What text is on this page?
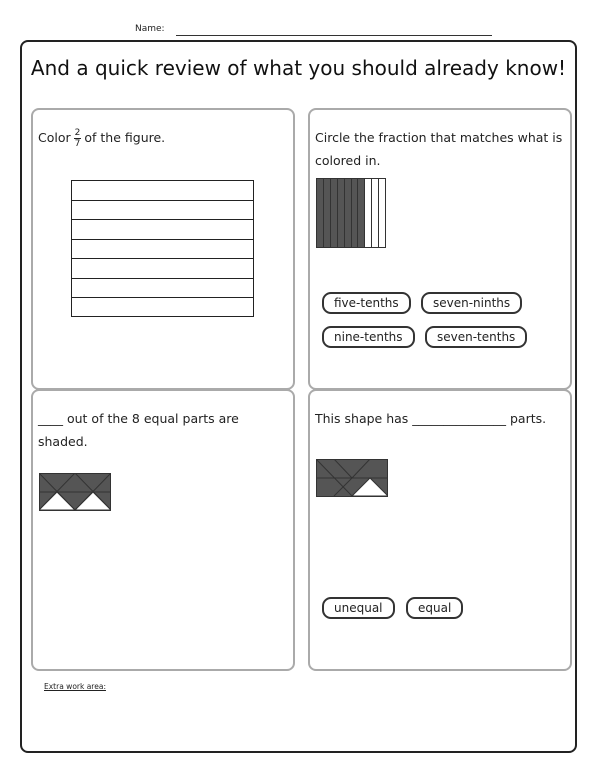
Name:
And a quick review of what you should already know!
Color $\frac{2}{7}$ of the figure.	Circle the fraction that matches what is colored in.
five-tenths	seven-ninths
nine-tenths	seven-tenths
____ out of the 8 equal parts are shaded.
This shape has _______________ parts.
unequal	equal
Extra work area:
